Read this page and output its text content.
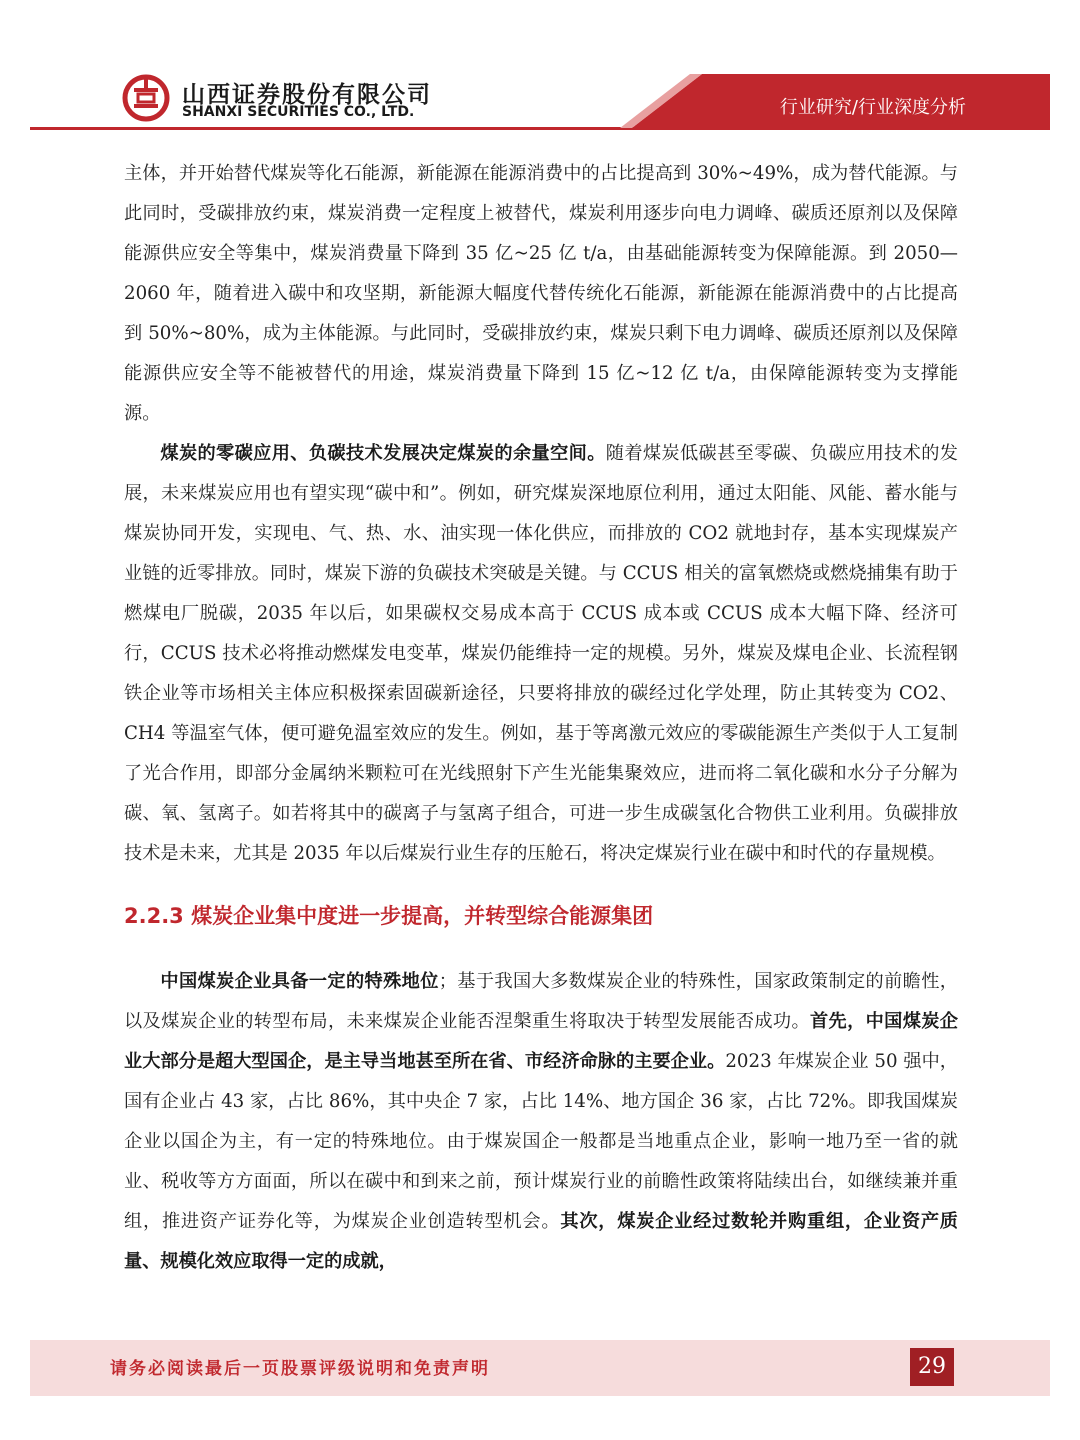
山西证券股份有限公司
SHANXI SECURITIES CO., LTD.	行业研究/行业深度分析

主体，并开始替代煤炭等化石能源，新能源在能源消费中的占比提高到 30%~49%，成为替代能源。与此同时，受碳排放约束，煤炭消费一定程度上被替代，煤炭利用逐步向电力调峰、碳质还原剂以及保障能源供应安全等集中，煤炭消费量下降到 35 亿~25 亿 t/a，由基础能源转变为保障能源。到 2050—2060 年，随着进入碳中和攻坚期，新能源大幅度代替传统化石能源，新能源在能源消费中的占比提高到 50%~80%，成为主体能源。与此同时，受碳排放约束，煤炭只剩下电力调峰、碳质还原剂以及保障能源供应安全等不能被替代的用途，煤炭消费量下降到 15 亿~12 亿 t/a，由保障能源转变为支撑能源。

煤炭的零碳应用、负碳技术发展决定煤炭的余量空间。随着煤炭低碳甚至零碳、负碳应用技术的发展，未来煤炭应用也有望实现“碳中和”。例如，研究煤炭深地原位利用，通过太阳能、风能、蓄水能与煤炭协同开发，实现电、气、热、水、油实现一体化供应，而排放的 CO2 就地封存，基本实现煤炭产业链的近零排放。同时，煤炭下游的负碳技术突破是关键。与 CCUS 相关的富氧燃烧或燃烧捕集有助于燃煤电厂脱碳，2035 年以后，如果碳权交易成本高于 CCUS 成本或 CCUS 成本大幅下降、经济可行，CCUS 技术必将推动燃煤发电变革，煤炭仍能维持一定的规模。另外，煤炭及煤电企业、长流程钢铁企业等市场相关主体应积极探索固碳新途径，只要将排放的碳经过化学处理，防止其转变为 CO2、CH4 等温室气体，便可避免温室效应的发生。例如，基于等离激元效应的零碳能源生产类似于人工复制了光合作用，即部分金属纳米颗粒可在光线照射下产生光能集聚效应，进而将二氧化碳和水分子分解为碳、氧、氢离子。如若将其中的碳离子与氢离子组合，可进一步生成碳氢化合物供工业利用。负碳排放技术是未来，尤其是 2035 年以后煤炭行业生存的压舱石，将决定煤炭行业在碳中和时代的存量规模。

2.2.3 煤炭企业集中度进一步提高，并转型综合能源集团

中国煤炭企业具备一定的特殊地位；基于我国大多数煤炭企业的特殊性，国家政策制定的前瞻性，以及煤炭企业的转型布局，未来煤炭企业能否涅槃重生将取决于转型发展能否成功。首先，中国煤炭企业大部分是超大型国企，是主导当地甚至所在省、市经济命脉的主要企业。2023 年煤炭企业 50 强中，国有企业占 43 家，占比 86%，其中央企 7 家，占比 14%、地方国企 36 家，占比 72%。即我国煤炭企业以国企为主，有一定的特殊地位。由于煤炭国企一般都是当地重点企业，影响一地乃至一省的就业、税收等方方面面，所以在碳中和到来之前，预计煤炭行业的前瞻性政策将陆续出台，如继续兼并重组，推进资产证券化等，为煤炭企业创造转型机会。其次，煤炭企业经过数轮并购重组，企业资产质量、规模化效应取得一定的成就，

请务必阅读最后一页股票评级说明和免责声明	29
